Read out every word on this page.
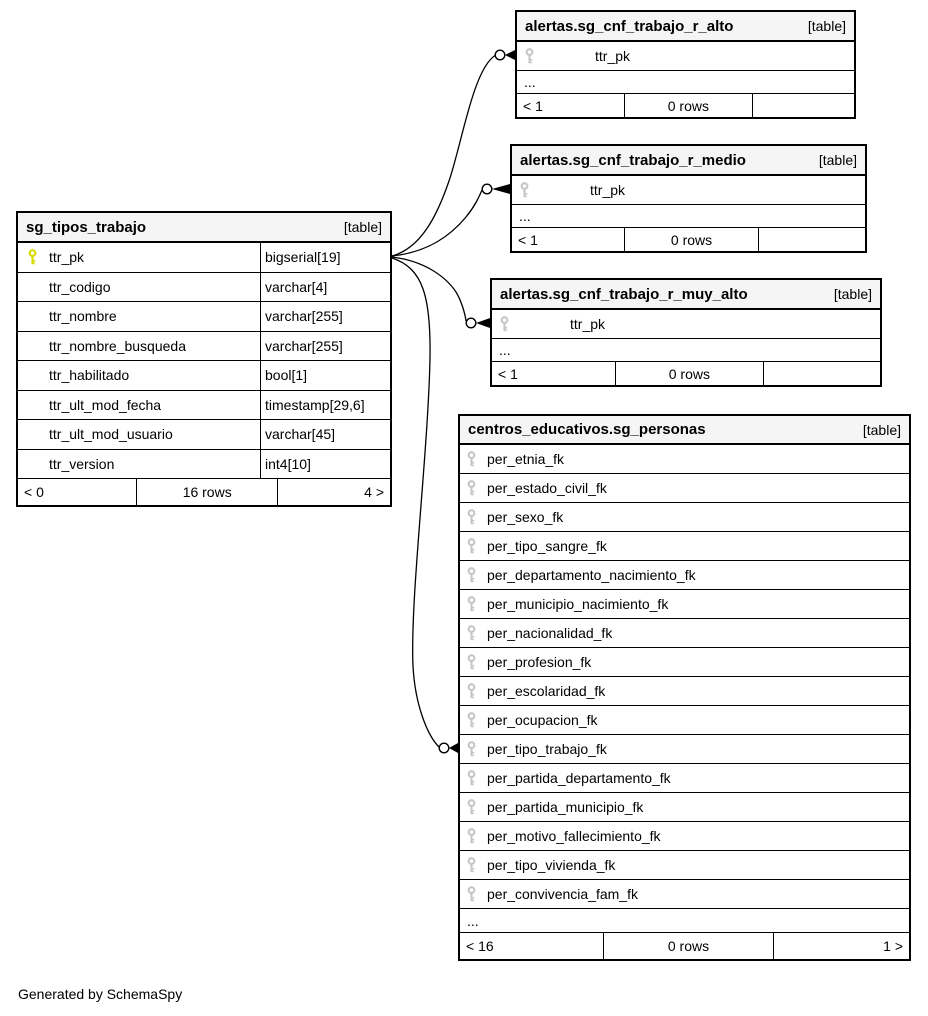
sg_tipos_trabajo	[table]
ttr_pk	bigserial[19]
ttr_codigo	varchar[4]
ttr_nombre	varchar[255]
ttr_nombre_busqueda	varchar[255]
ttr_habilitado	bool[1]
ttr_ult_mod_fecha	timestamp[29,6]
ttr_ult_mod_usuario	varchar[45]
ttr_version	int4[10]
< 0	16 rows	4 >
alertas.sg_cnf_trabajo_r_alto	[table]
ttr_pk
...
< 1	0 rows
alertas.sg_cnf_trabajo_r_medio	[table]
ttr_pk
...
< 1	0 rows
alertas.sg_cnf_trabajo_r_muy_alto	[table]
ttr_pk
...
< 1	0 rows
centros_educativos.sg_personas	[table]
per_etnia_fk
per_estado_civil_fk
per_sexo_fk
per_tipo_sangre_fk
per_departamento_nacimiento_fk
per_municipio_nacimiento_fk
per_nacionalidad_fk
per_profesion_fk
per_escolaridad_fk
per_ocupacion_fk
per_tipo_trabajo_fk
per_partida_departamento_fk
per_partida_municipio_fk
per_motivo_fallecimiento_fk
per_tipo_vivienda_fk
per_convivencia_fam_fk
...
< 16	0 rows	1 >
Generated by SchemaSpy
